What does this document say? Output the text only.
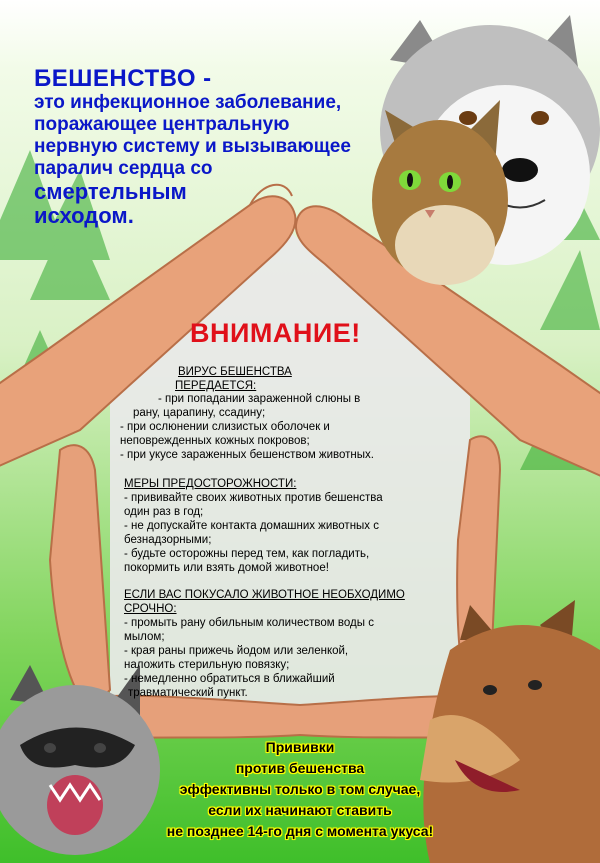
БЕШЕНСТВО -
это инфекционное заболевание,
поражающее центральную
нервную систему и вызывающее
паралич сердца со
смертельным
исходом.
ВНИМАНИЕ!
ВИРУС БЕШЕНСТВА
ПЕРЕДАЕТСЯ:
- при попадании зараженной слюны в
рану, царапину, ссадину;
- при ослюнении слизистых оболочек и
неповрежденных кожных покровов;
- при укусе зараженных бешенством животных.
МЕРЫ ПРЕДОСТОРОЖНОСТИ:
- прививайте своих животных против бешенства
один раз в год;
- не допускайте контакта домашних животных с
безнадзорными;
- будьте осторожны перед тем, как погладить,
покормить или взять домой животное!
ЕСЛИ ВАС ПОКУСАЛО ЖИВОТНОЕ НЕОБХОДИМО
СРОЧНО:
- промыть рану обильным количеством воды с
мылом;
- края раны прижечь йодом или зеленкой,
наложить стерильную повязку;
- немедленно обратиться в ближайший
травматический пункт.
Прививки
против бешенства
эффективны только в том случае,
если их начинают ставить
не позднее 14-го дня с момента укуса!
